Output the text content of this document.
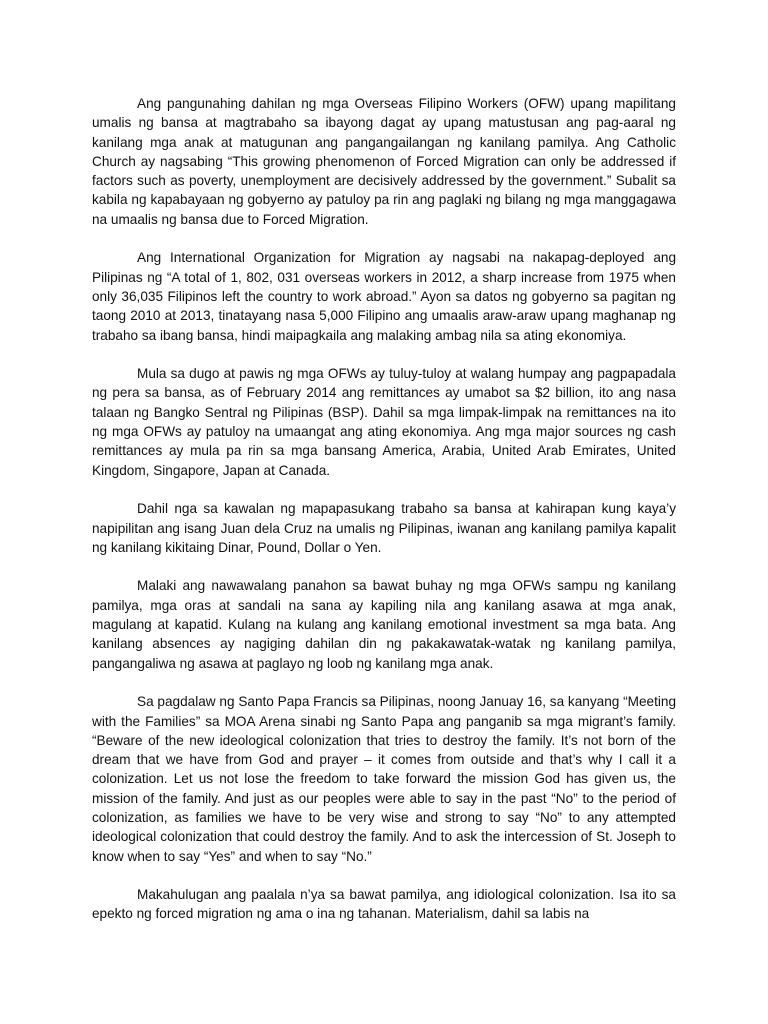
Ang pangunahing dahilan ng mga Overseas Filipino Workers (OFW) upang mapilitang umalis ng bansa at magtrabaho sa ibayong dagat ay upang matustusan ang pag-aaral ng kanilang mga anak at matugunan ang pangangailangan ng kanilang pamilya. Ang Catholic Church ay nagsabing “This growing phenomenon of Forced Migration can only be addressed if factors such as poverty, unemployment are decisively addressed by the government.” Subalit sa kabila ng kapabayaan ng gobyerno ay patuloy pa rin ang paglaki ng bilang ng mga manggagawa na umaalis ng bansa due to Forced Migration.

Ang International Organization for Migration ay nagsabi na nakapag-deployed ang Pilipinas ng “A total of 1, 802, 031 overseas workers in 2012, a sharp increase from 1975 when only 36,035 Filipinos left the country to work abroad.” Ayon sa datos ng gobyerno sa pagitan ng taong 2010 at 2013, tinatayang nasa 5,000 Filipino ang umaalis araw-araw upang maghanap ng trabaho sa ibang bansa, hindi maipagkaila ang malaking ambag nila sa ating ekonomiya.

Mula sa dugo at pawis ng mga OFWs ay tuluy-tuloy at walang humpay ang pagpapadala ng pera sa bansa, as of February 2014 ang remittances ay umabot sa $2 billion, ito ang nasa talaan ng Bangko Sentral ng Pilipinas (BSP). Dahil sa mga limpak-limpak na remittances na ito ng mga OFWs ay patuloy na umaangat ang ating ekonomiya. Ang mga major sources ng cash remittances ay mula pa rin sa mga bansang America, Arabia, United Arab Emirates, United Kingdom, Singapore, Japan at Canada.

Dahil nga sa kawalan ng mapapasukang trabaho sa bansa at kahirapan kung kaya’y napipilitan ang isang Juan dela Cruz na umalis ng Pilipinas, iwanan ang kanilang pamilya kapalit ng kanilang kikitaing Dinar, Pound, Dollar o Yen.

Malaki ang nawawalang panahon sa bawat buhay ng mga OFWs sampu ng kanilang pamilya, mga oras at sandali na sana ay kapiling nila ang kanilang asawa at mga anak, magulang at kapatid. Kulang na kulang ang kanilang emotional investment sa mga bata. Ang kanilang absences ay nagiging dahilan din ng pakakawatak-watak ng kanilang pamilya, pangangaliwa ng asawa at paglayo ng loob ng kanilang mga anak.

Sa pagdalaw ng Santo Papa Francis sa Pilipinas, noong Januay 16, sa kanyang “Meeting with the Families” sa MOA Arena sinabi ng Santo Papa ang panganib sa mga migrant’s family. “Beware of the new ideological colonization that tries to destroy the family. It’s not born of the dream that we have from God and prayer – it comes from outside and that’s why I call it a colonization. Let us not lose the freedom to take forward the mission God has given us, the mission of the family. And just as our peoples were able to say in the past “No” to the period of colonization, as families we have to be very wise and strong to say “No” to any attempted ideological colonization that could destroy the family. And to ask the intercession of St. Joseph to know when to say “Yes” and when to say “No.”

Makahulugan ang paalala n’ya sa bawat pamilya, ang idiological colonization. Isa ito sa epekto ng forced migration ng ama o ina ng tahanan. Materialism, dahil sa labis na
